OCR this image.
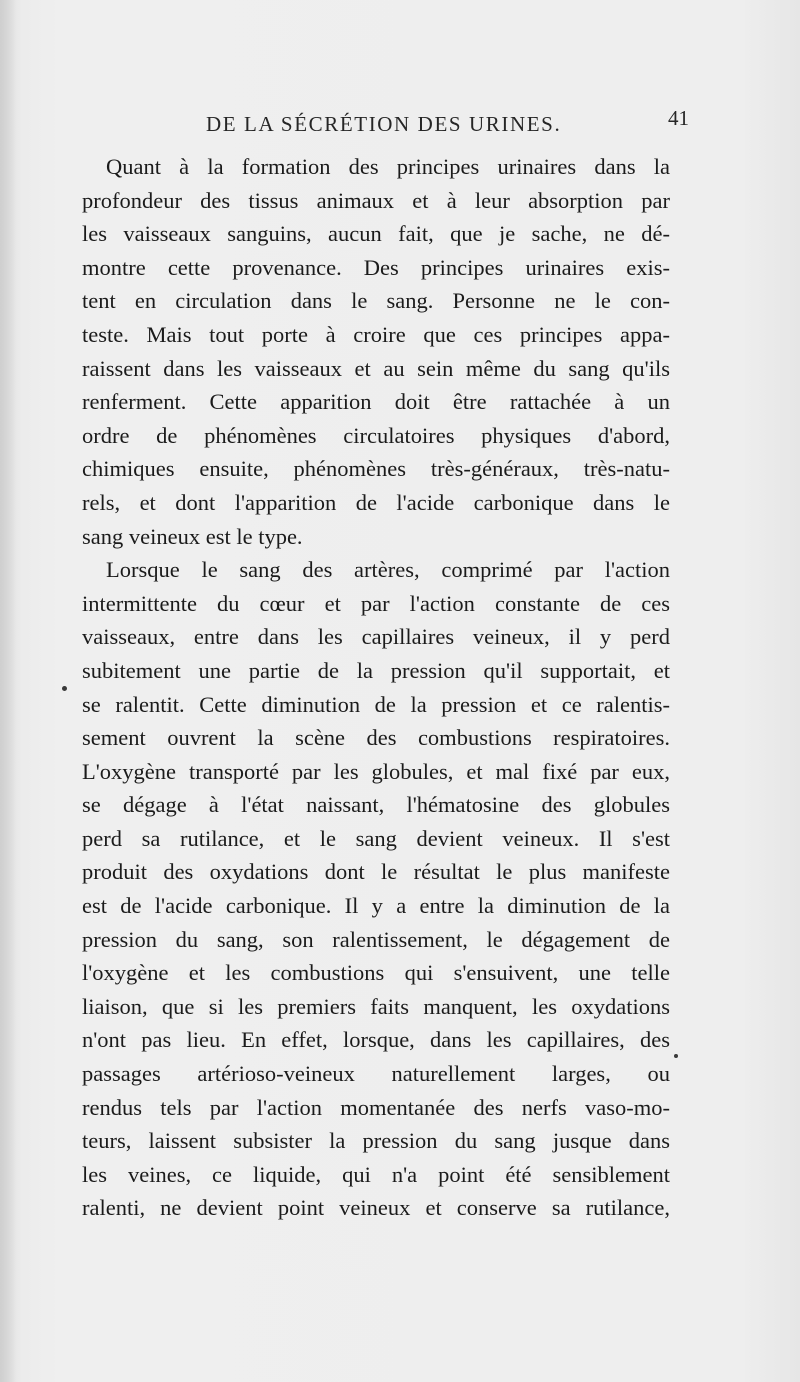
DE LA SÉCRÉTION DES URINES.	41
Quant à la formation des principes urinaires dans la
profondeur des tissus animaux et à leur absorption par
les vaisseaux sanguins, aucun fait, que je sache, ne dé-
montre cette provenance. Des principes urinaires exis-
tent en circulation dans le sang. Personne ne le con-
teste. Mais tout porte à croire que ces principes appa-
raissent dans les vaisseaux et au sein même du sang qu'ils
renferment. Cette apparition doit être rattachée à un
ordre de phénomènes circulatoires physiques d'abord,
chimiques ensuite, phénomènes très-généraux, très-natu-
rels, et dont l'apparition de l'acide carbonique dans le
sang veineux est le type.
Lorsque le sang des artères, comprimé par l'action
intermittente du cœur et par l'action constante de ces
vaisseaux, entre dans les capillaires veineux, il y perd
subitement une partie de la pression qu'il supportait, et
se ralentit. Cette diminution de la pression et ce ralentis-
sement ouvrent la scène des combustions respiratoires.
L'oxygène transporté par les globules, et mal fixé par eux,
se dégage à l'état naissant, l'hématosine des globules
perd sa rutilance, et le sang devient veineux. Il s'est
produit des oxydations dont le résultat le plus manifeste
est de l'acide carbonique. Il y a entre la diminution de la
pression du sang, son ralentissement, le dégagement de
l'oxygène et les combustions qui s'ensuivent, une telle
liaison, que si les premiers faits manquent, les oxydations
n'ont pas lieu. En effet, lorsque, dans les capillaires, des
passages artérioso-veineux naturellement larges, ou
rendus tels par l'action momentanée des nerfs vaso-mo-
teurs, laissent subsister la pression du sang jusque dans
les veines, ce liquide, qui n'a point été sensiblement
ralenti, ne devient point veineux et conserve sa rutilance,
